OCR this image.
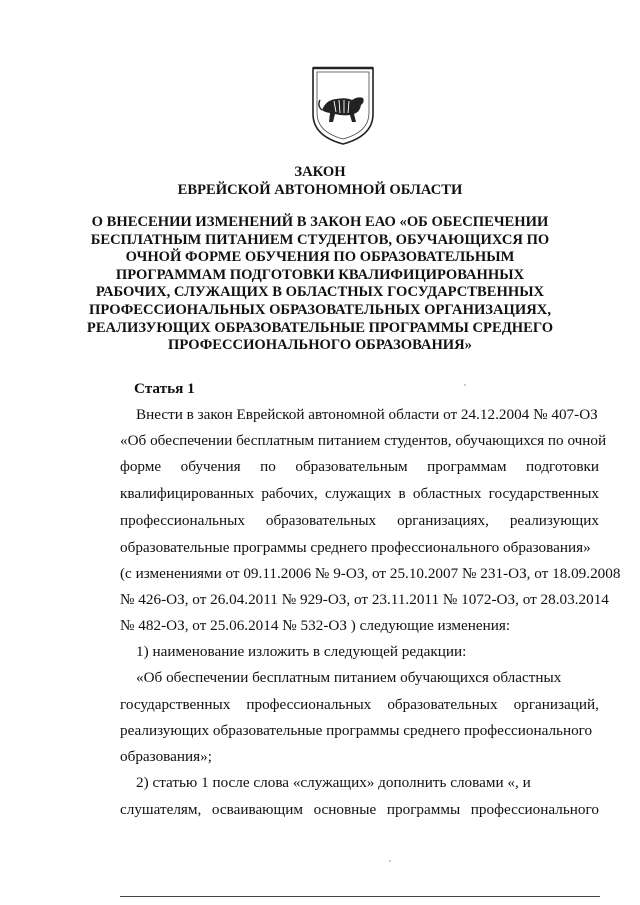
ЗАКОН
ЕВРЕЙСКОЙ АВТОНОМНОЙ ОБЛАСТИ
О ВНЕСЕНИИ ИЗМЕНЕНИЙ В ЗАКОН ЕАО «ОБ ОБЕСПЕЧЕНИИ
БЕСПЛАТНЫМ ПИТАНИЕМ СТУДЕНТОВ, ОБУЧАЮЩИХСЯ ПО
ОЧНОЙ ФОРМЕ ОБУЧЕНИЯ ПО ОБРАЗОВАТЕЛЬНЫМ
ПРОГРАММАМ ПОДГОТОВКИ КВАЛИФИЦИРОВАННЫХ
РАБОЧИХ, СЛУЖАЩИХ В ОБЛАСТНЫХ ГОСУДАРСТВЕННЫХ
ПРОФЕССИОНАЛЬНЫХ ОБРАЗОВАТЕЛЬНЫХ ОРГАНИЗАЦИЯХ,
РЕАЛИЗУЮЩИХ ОБРАЗОВАТЕЛЬНЫЕ ПРОГРАММЫ СРЕДНЕГО
ПРОФЕССИОНАЛЬНОГО ОБРАЗОВАНИЯ»
Статья 1
Внести в закон Еврейской автономной области от 24.12.2004 № 407-ОЗ
«Об обеспечении бесплатным питанием студентов, обучающихся по очной
форме обучения по образовательным программам подготовки
квалифицированных рабочих, служащих в областных государственных
профессиональных образовательных организациях, реализующих
образовательные программы среднего профессионального образования»
(с изменениями от 09.11.2006 № 9-ОЗ, от 25.10.2007 № 231-ОЗ, от 18.09.2008
№ 426-ОЗ, от 26.04.2011 № 929-ОЗ, от 23.11.2011 № 1072-ОЗ, от 28.03.2014
№ 482-ОЗ, от 25.06.2014 № 532-ОЗ ) следующие изменения:
1) наименование изложить в следующей редакции:
«Об обеспечении бесплатным питанием обучающихся областных
государственных профессиональных образовательных организаций,
реализующих образовательные программы среднего профессионального
образования»;
2) статью 1 после слова «служащих» дополнить словами «, и
слушателям, осваивающим основные программы профессионального
